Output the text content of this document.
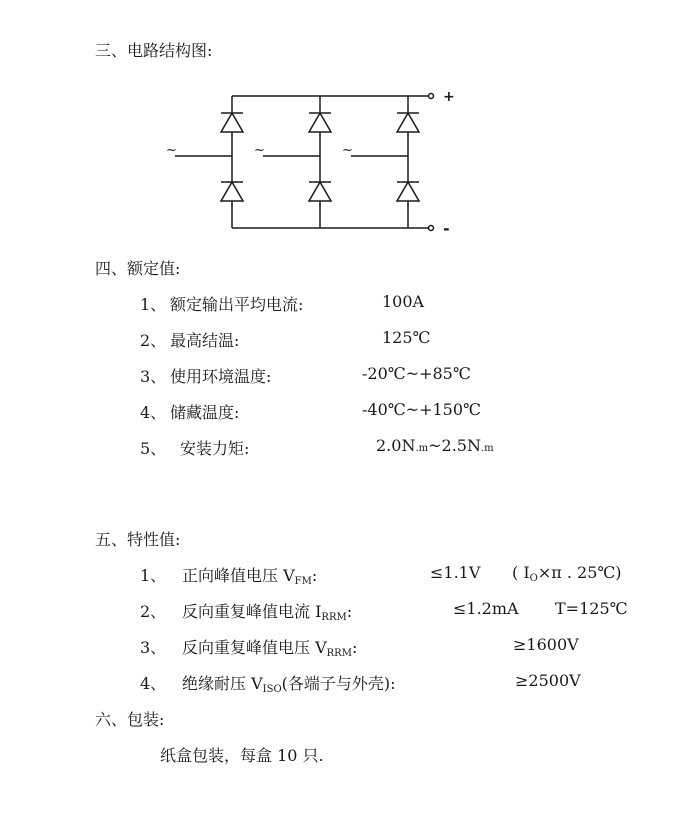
三、电路结构图:
+
-
~	~	~
四、额定值:
1、 额定输出平均电流:	100A
2、 最高结温:	125℃
3、 使用环境温度:	-20℃~+85℃
4、 储藏温度:	-40℃~+150℃
5、 安装力矩:	2.0N.m~2.5N.m
五、特性值:
1、 正向峰值电压 $V_{FM}$:	≤1.1V ( $I_O\times\pi$ . 25℃)
2、 反向重复峰值电流 $I_{RRM}$:	≤1.2mA T=125℃
3、 反向重复峰值电压 $V_{RRM}$:	≥1600V
4、 绝缘耐压 $V_{ISO}$(各端子与外壳):	≥2500V
六、包装:
纸盒包装，每盒 10 只.
